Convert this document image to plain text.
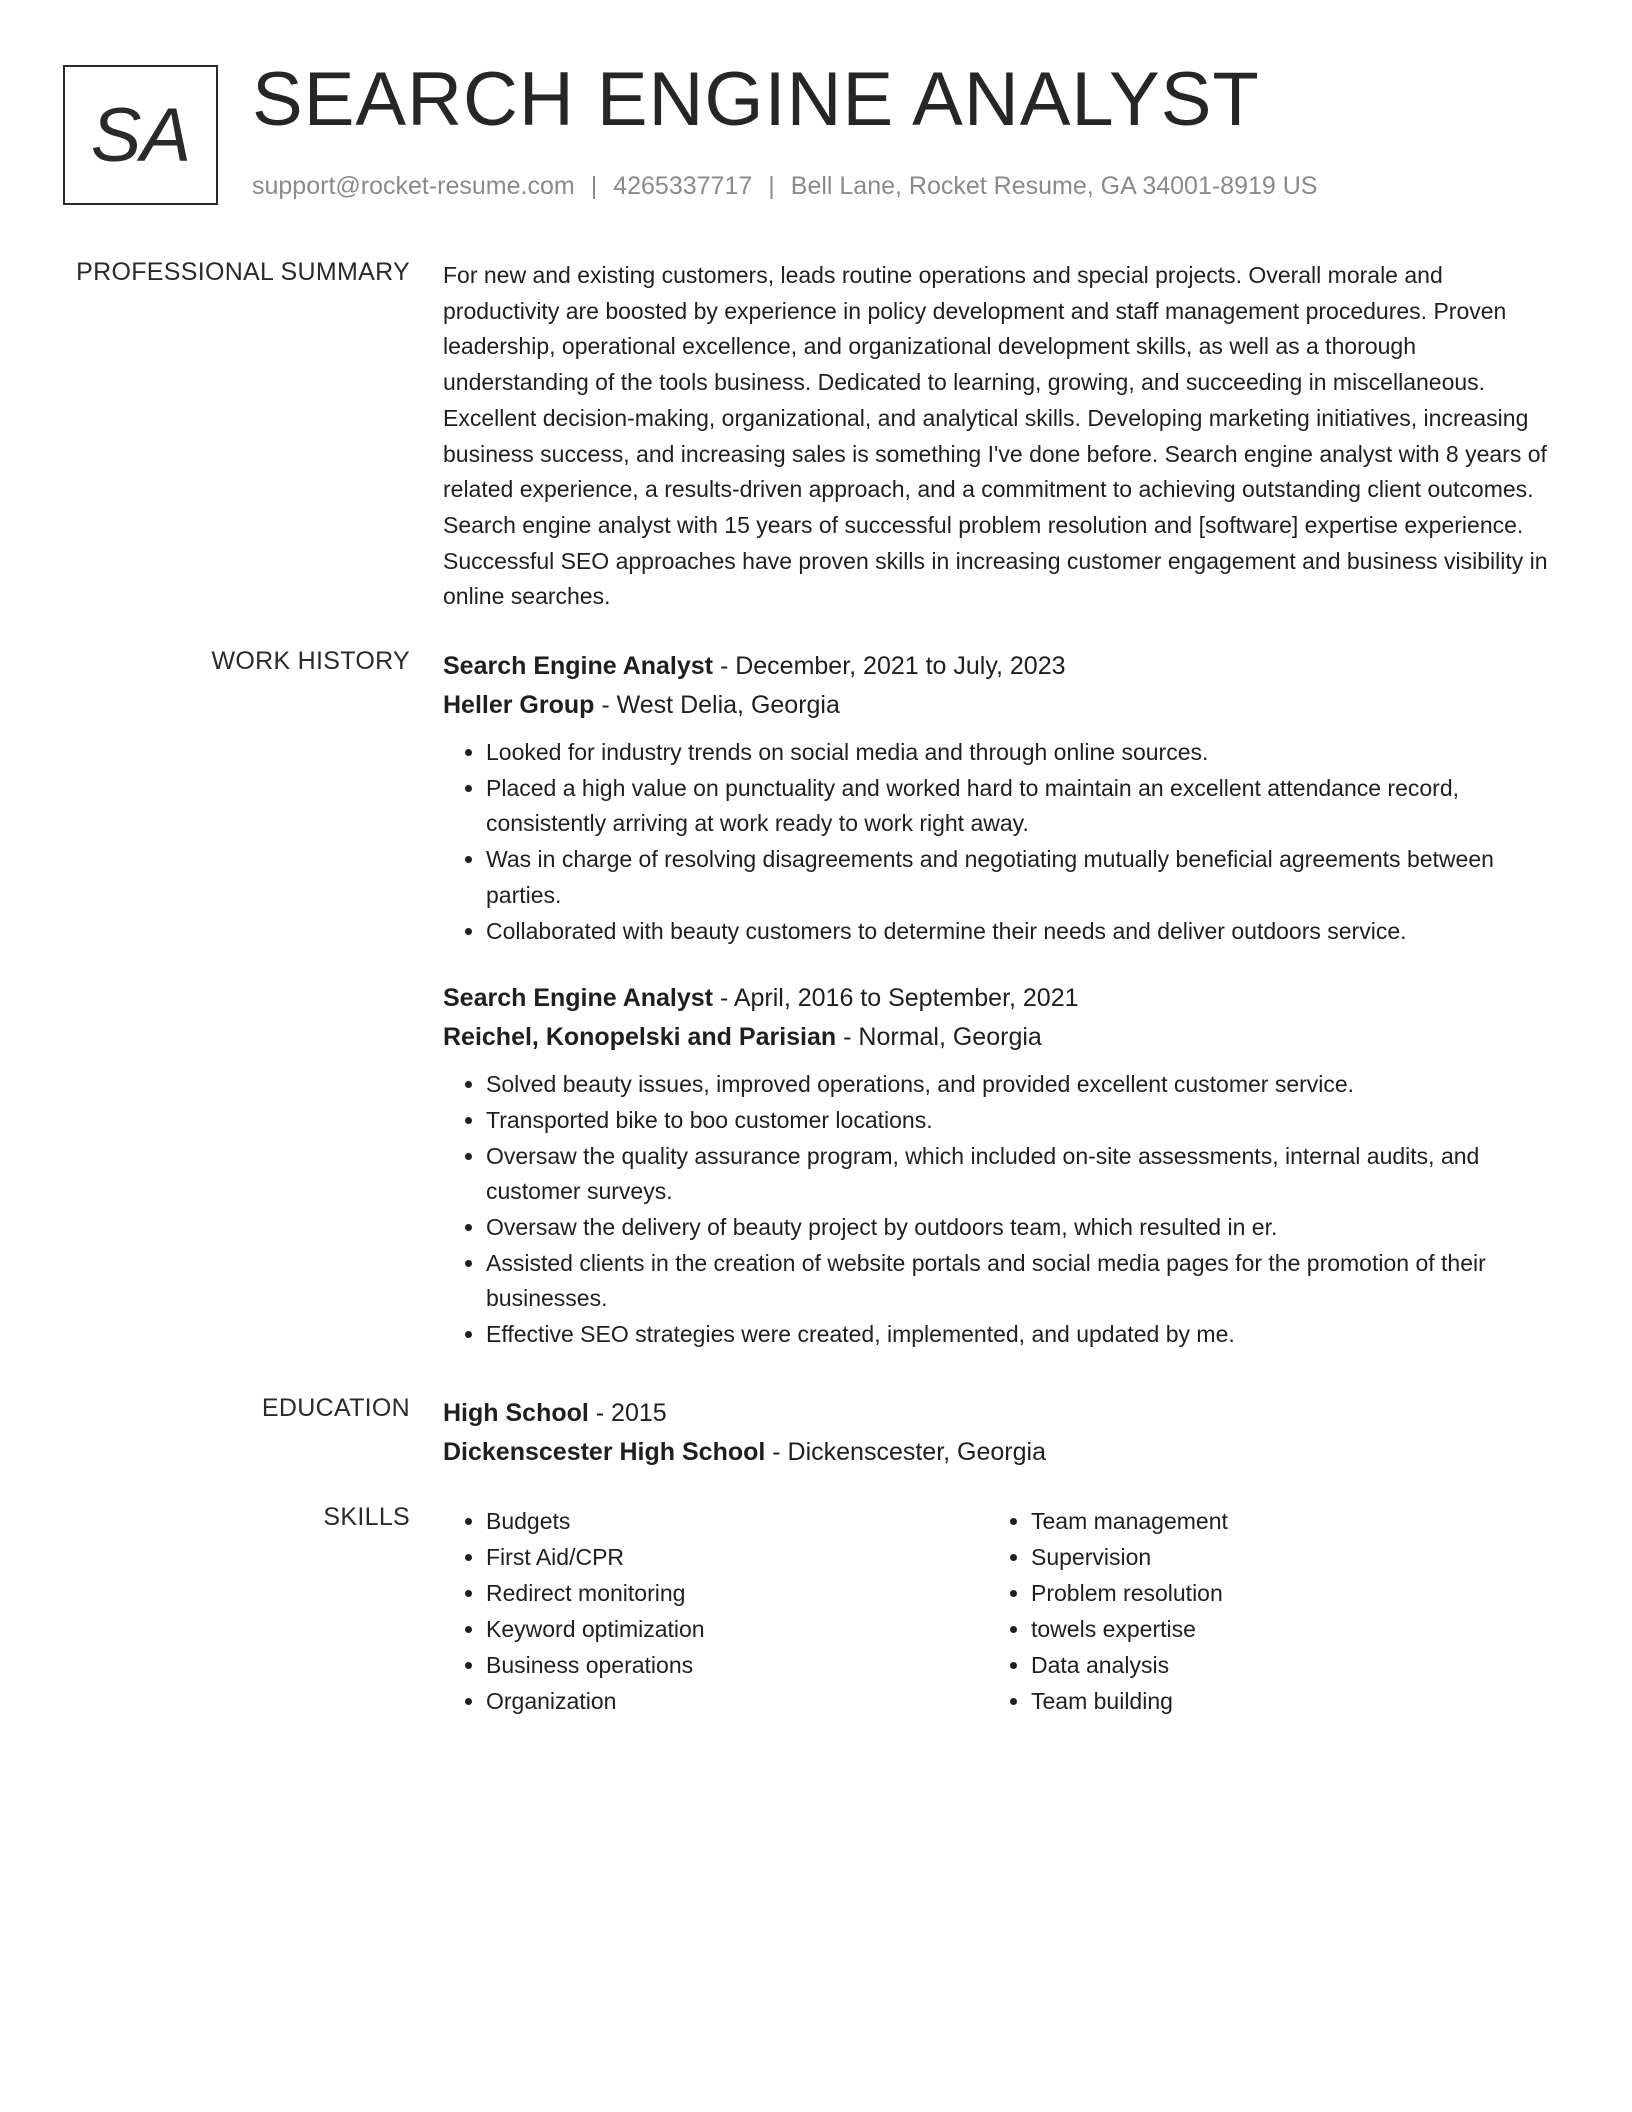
SA SEARCH ENGINE ANALYST
support@rocket-resume.com | 4265337717 | Bell Lane, Rocket Resume, GA 34001-8919 US
PROFESSIONAL SUMMARY For new and existing customers, leads routine operations and special projects. Overall morale and productivity are boosted by experience in policy development and staff management procedures. Proven leadership, operational excellence, and organizational development skills, as well as a thorough understanding of the tools business. Dedicated to learning, growing, and succeeding in miscellaneous. Excellent decision-making, organizational, and analytical skills. Developing marketing initiatives, increasing business success, and increasing sales is something I've done before. Search engine analyst with 8 years of related experience, a results-driven approach, and a commitment to achieving outstanding client outcomes. Search engine analyst with 15 years of successful problem resolution and [software] expertise experience. Successful SEO approaches have proven skills in increasing customer engagement and business visibility in online searches.

WORK HISTORY Search Engine Analyst - December, 2021 to July, 2023

Heller Group - West Delia, Georgia

• Looked for industry trends on social media and through online sources.
• Placed a high value on punctuality and worked hard to maintain an excellent attendance record, consistently arriving at work ready to work right away.
• Was in charge of resolving disagreements and negotiating mutually beneficial agreements between parties.
• Collaborated with beauty customers to determine their needs and deliver outdoors service.

Search Engine Analyst - April, 2016 to September, 2021

Reichel, Konopelski and Parisian - Normal, Georgia

• Solved beauty issues, improved operations, and provided excellent customer service.
• Transported bike to boo customer locations.
• Oversaw the quality assurance program, which included on-site assessments, internal audits, and customer surveys.
• Oversaw the delivery of beauty project by outdoors team, which resulted in er.
• Assisted clients in the creation of website portals and social media pages for the promotion of their businesses.
• Effective SEO strategies were created, implemented, and updated by me.
EDUCATION High School - 2015

Dickenscester High School - Dickenscester, Georgia

SKILLS
•	Budgets
• First Aid/CPR
• Redirect monitoring
• Keyword optimization
• Business operations
• Organization
• Team management
• Supervision
• Problem resolution
• towels expertise
• Data analysis
• Team building
